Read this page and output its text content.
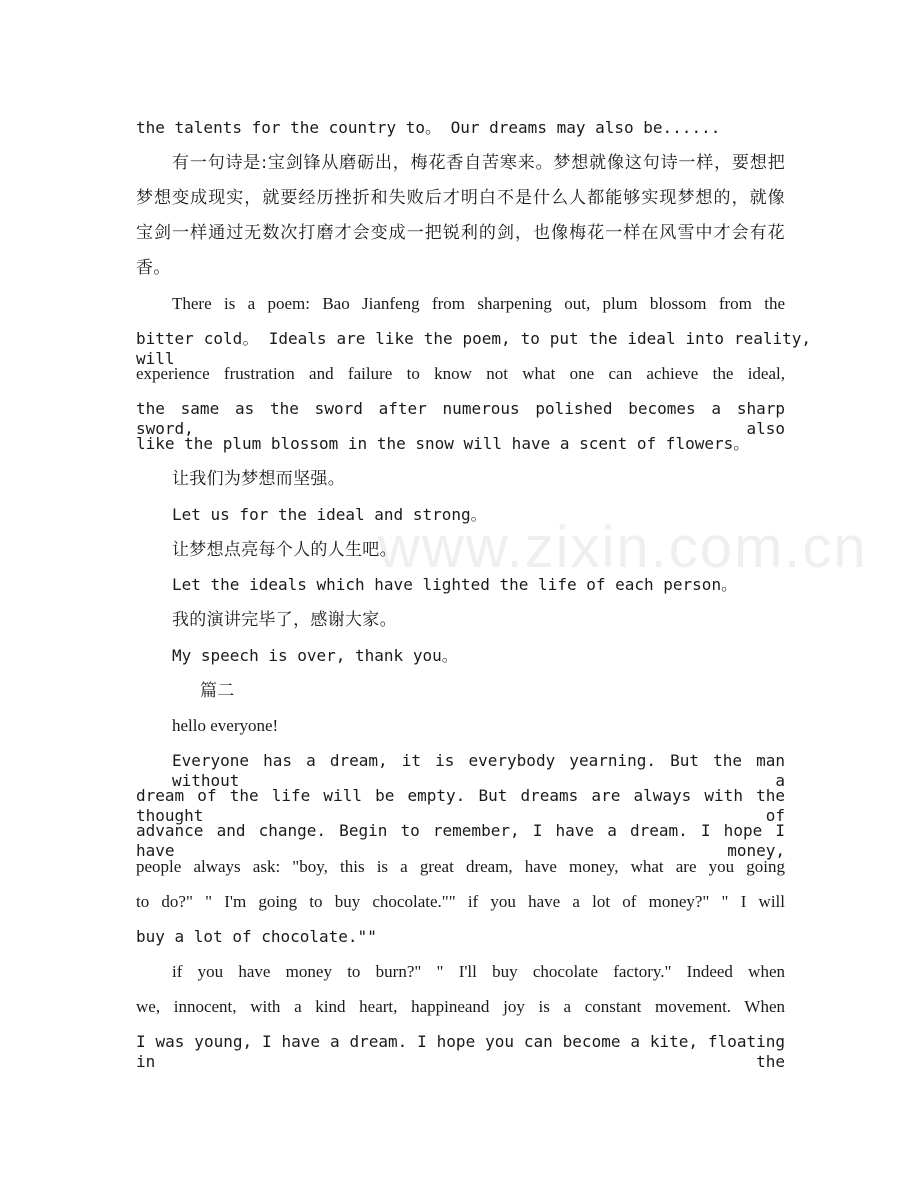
www.zixin.com.cn
the talents for the country to。 Our dreams may also be......
有一句诗是:宝剑锋从磨砺出，梅花香自苦寒来。梦想就像这句诗一样，要想把
梦想变成现实，就要经历挫折和失败后才明白不是什么人都能够实现梦想的，就像
宝剑一样通过无数次打磨才会变成一把锐利的剑，也像梅花一样在风雪中才会有花
香。
There is a poem: Bao Jianfeng from sharpening out, plum blossom from the
bitter cold。 Ideals are like the poem, to put the ideal into reality, will
experience frustration and failure to know not what one can achieve the ideal,
the same as the sword after numerous polished becomes a sharp sword, also
like the plum blossom in the snow will have a scent of flowers。
让我们为梦想而坚强。
Let us for the ideal and strong。
让梦想点亮每个人的人生吧。
Let the ideals which have lighted the life of each person。
我的演讲完毕了，感谢大家。
My speech is over, thank you。
篇二
hello everyone!
Everyone has a dream, it is everybody yearning. But the man without a
dream of the life will be empty. But dreams are always with the thought of
advance and change. Begin to remember, I have a dream. I hope I have money,
people always ask: "boy, this is a great dream, have money, what are you going
to do?" " I'm going to buy chocolate."" if you have a lot of money?" " I will
buy a lot of chocolate.""
if you have money to burn?" " I'll buy chocolate factory." Indeed when
we, innocent, with a kind heart, happineand joy is a constant movement. When
I was young, I have a dream. I hope you can become a kite, floating in the
